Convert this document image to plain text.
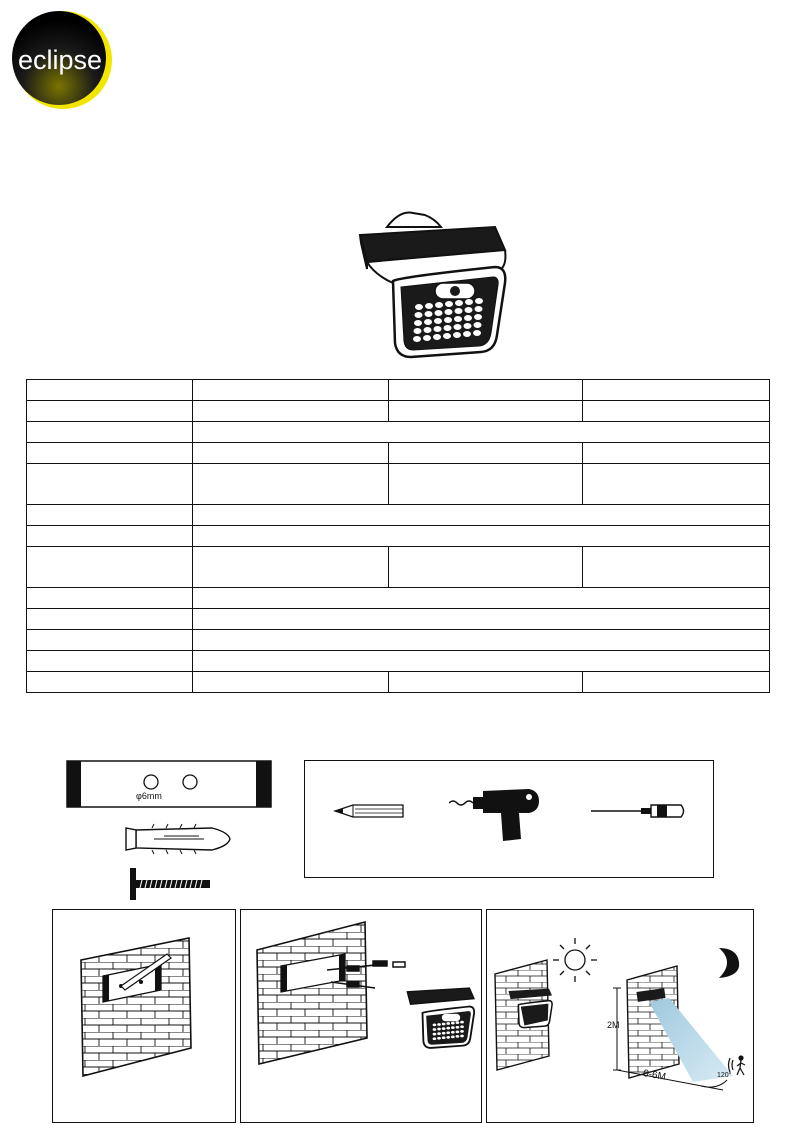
eclipse

φ6mm
2M
0-6M	120°
